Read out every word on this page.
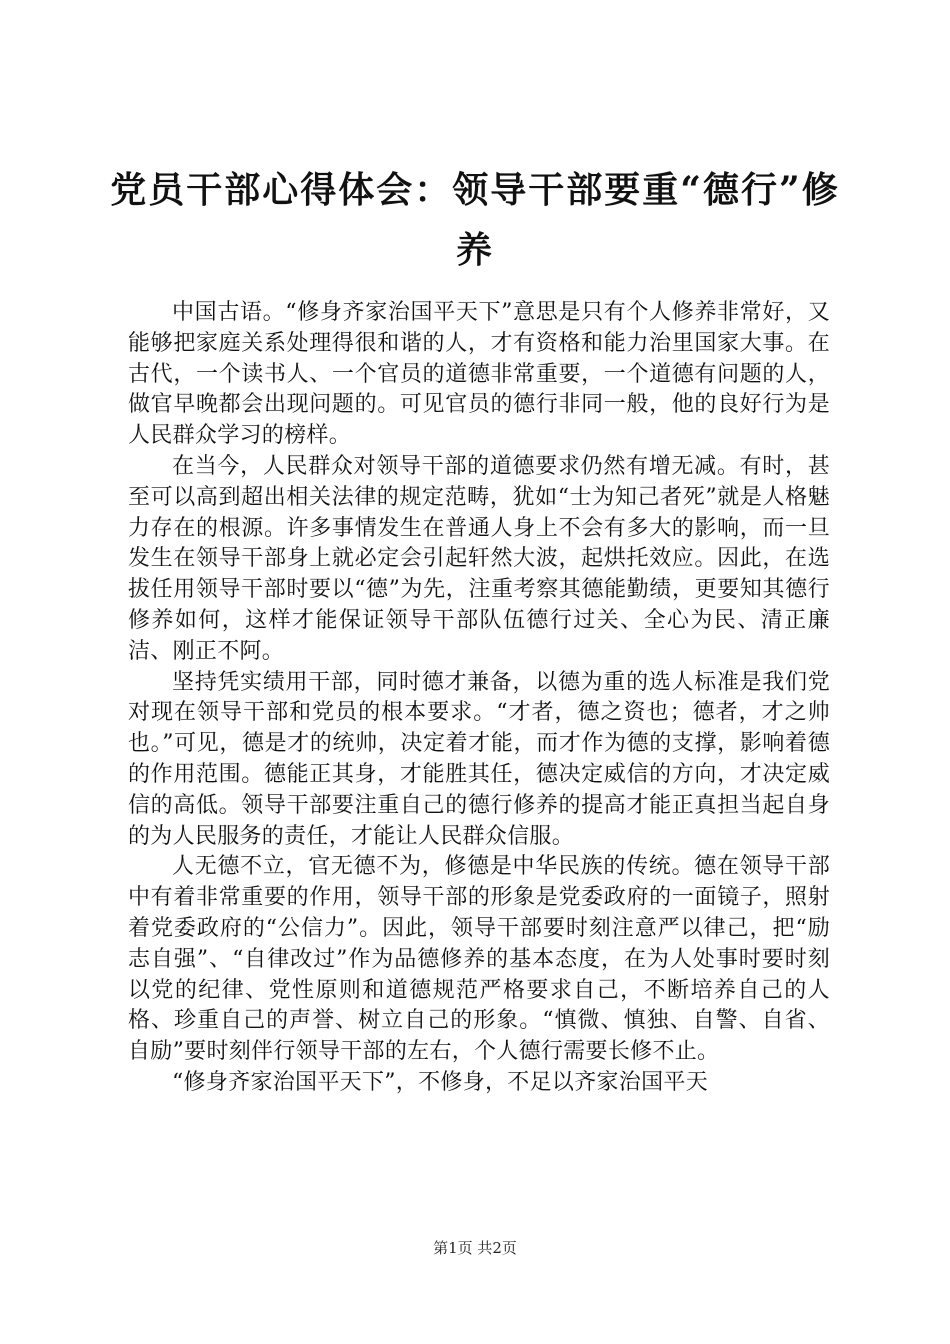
党员干部心得体会：领导干部要重“德行”修养

中国古语。“修身齐家治国平天下”意思是只有个人修养非常好，又能够把家庭关系处理得很和谐的人，才有资格和能力治里国家大事。在古代，一个读书人、一个官员的道德非常重要，一个道德有问题的人，做官早晚都会出现问题的。可见官员的德行非同一般，他的良好行为是人民群众学习的榜样。

在当今，人民群众对领导干部的道德要求仍然有增无减。有时，甚至可以高到超出相关法律的规定范畴，犹如“士为知己者死”就是人格魅力存在的根源。许多事情发生在普通人身上不会有多大的影响，而一旦发生在领导干部身上就必定会引起轩然大波，起烘托效应。因此，在选拔任用领导干部时要以“德”为先，注重考察其德能勤绩，更要知其德行修养如何，这样才能保证领导干部队伍德行过关、全心为民、清正廉洁、刚正不阿。

坚持凭实绩用干部，同时德才兼备，以德为重的选人标准是我们党对现在领导干部和党员的根本要求。“才者，德之资也；德者，才之帅也。”可见，德是才的统帅，决定着才能，而才作为德的支撑，影响着德的作用范围。德能正其身，才能胜其任，德决定威信的方向，才决定威信的高低。领导干部要注重自己的德行修养的提高才能正真担当起自身的为人民服务的责任，才能让人民群众信服。

人无德不立，官无德不为，修德是中华民族的传统。德在领导干部中有着非常重要的作用，领导干部的形象是党委政府的一面镜子，照射着党委政府的“公信力”。因此，领导干部要时刻注意严以律己，把“励志自强”、“自律改过”作为品德修养的基本态度，在为人处事时要时刻以党的纪律、党性原则和道德规范严格要求自己，不断培养自己的人格、珍重自己的声誉、树立自己的形象。“慎微、慎独、自警、自省、自励”要时刻伴行领导干部的左右，个人德行需要长修不止。

“修身齐家治国平天下”，不修身，不足以齐家治国平天

第1页 共2页
